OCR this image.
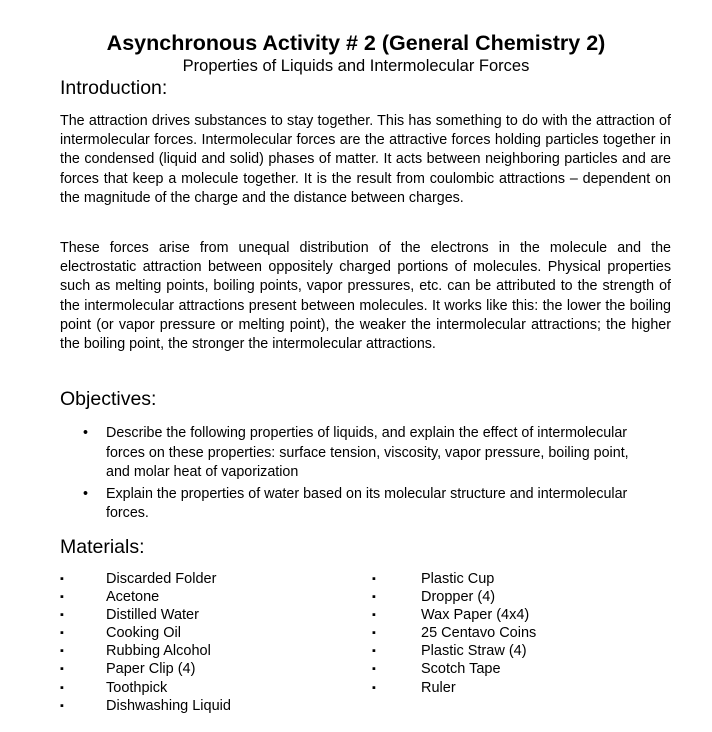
Asynchronous Activity # 2 (General Chemistry 2)
Properties of Liquids and Intermolecular Forces
Introduction:

The attraction drives substances to stay together. This has something to do with the attraction of intermolecular forces. Intermolecular forces are the attractive forces holding particles together in the condensed (liquid and solid) phases of matter. It acts between neighboring particles and are forces that keep a molecule together. It is the result from coulombic attractions – dependent on the magnitude of the charge and the distance between charges.

These forces arise from unequal distribution of the electrons in the molecule and the electrostatic attraction between oppositely charged portions of molecules. Physical properties such as melting points, boiling points, vapor pressures, etc. can be attributed to the strength of the intermolecular attractions present between molecules. It works like this: the lower the boiling point (or vapor pressure or melting point), the weaker the intermolecular attractions; the higher the boiling point, the stronger the intermolecular attractions.

Objectives:
• Describe the following properties of liquids, and explain the effect of intermolecular forces on these properties: surface tension, viscosity, vapor pressure, boiling point, and molar heat of vaporization
• Explain the properties of water based on its molecular structure and intermolecular forces.
Materials:
▪	Discarded Folder
▪	Acetone
▪	Distilled Water
▪	Cooking Oil
▪	Rubbing Alcohol
▪	Paper Clip (4)
▪	Toothpick
▪	Dishwashing Liquid
▪	Plastic Cup
▪	Dropper (4)
▪	Wax Paper (4x4)
▪	25 Centavo Coins
▪	Plastic Straw (4)
▪	Scotch Tape
▪	Ruler
